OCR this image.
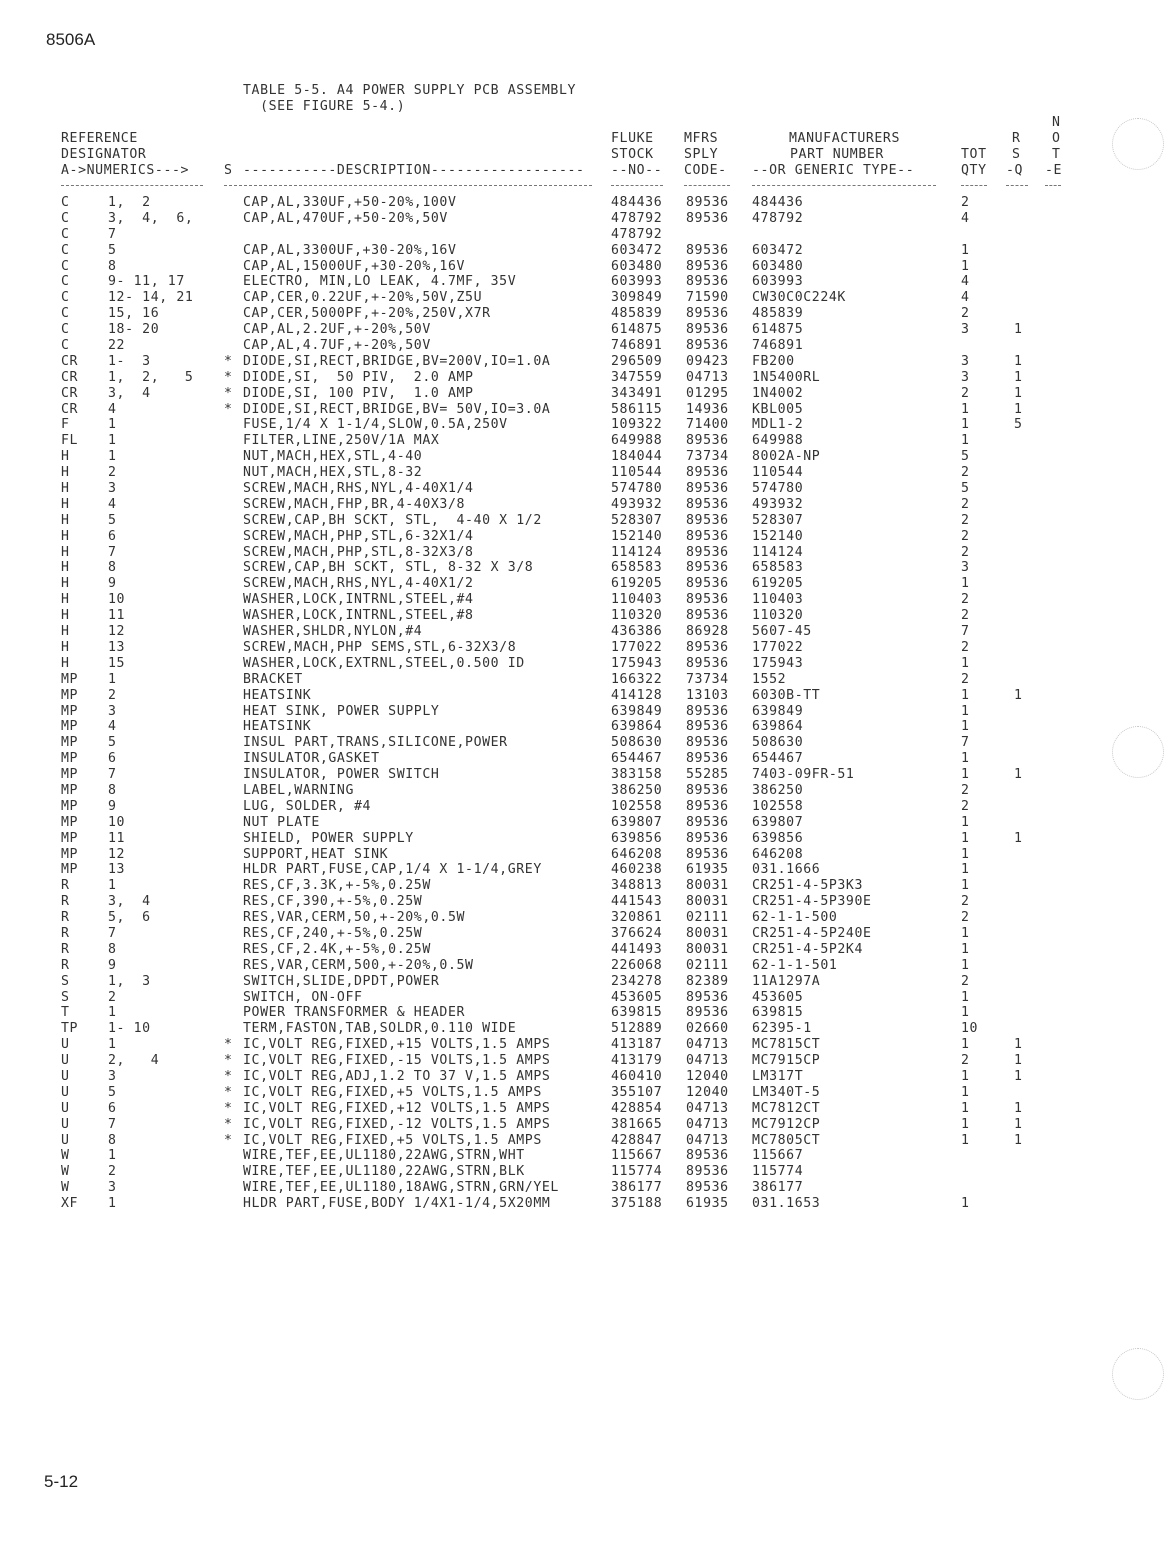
8506A
TABLE 5-5. A4 POWER SUPPLY PCB ASSEMBLY
(SEE FIGURE 5-4.)
REFERENCE
DESIGNATOR
A->NUMERICS--->	S -----------DESCRIPTION------------------
FLUKE
STOCK
--NO--
MFRS
SPLY
CODE-
MANUFACTURERS
PART NUMBER
--OR GENERIC TYPE--
TOT
QTY
R
S
-Q
N
O
T
-E
C	1,  2	CAP,AL,330UF,+50-20%,100V	484436 89536 484436	2
C	3,  4,  6,	CAP,AL,470UF,+50-20%,50V	478792 89536 478792	4
C	7	478792
C	5	CAP,AL,3300UF,+30-20%,16V	603472 89536 603472	1
C	8	CAP,AL,15000UF,+30-20%,16V	603480 89536 603480	1
C	9- 11, 17	ELECTRO, MIN,LO LEAK, 4.7MF, 35V	603993 89536 603993	4
C	12- 14, 21	CAP,CER,0.22UF,+-20%,50V,Z5U	309849 71590 CW30C0C224K	4
C	15, 16	CAP,CER,5000PF,+-20%,250V,X7R	485839 89536 485839	2
C	18- 20	CAP,AL,2.2UF,+-20%,50V	614875 89536 614875	3	1
C	22	CAP,AL,4.7UF,+-20%,50V	746891 89536 746891
CR 1-  3	* DIODE,SI,RECT,BRIDGE,BV=200V,IO=1.0A	296509 09423 FB200	3	1
CR 1,  2,   5 * DIODE,SI,  50 PIV,  2.0 AMP	347559 04713 1N5400RL	3	1
CR 3,  4	* DIODE,SI, 100 PIV,  1.0 AMP	343491 01295 1N4002	2	1
CR 4	* DIODE,SI,RECT,BRIDGE,BV= 50V,IO=3.0A	586115 14936 KBL005	1	1
F	1	FUSE,1/4 X 1-1/4,SLOW,0.5A,250V	109322 71400 MDL1-2	1	5
FL 1	FILTER,LINE,250V/1A MAX	649988 89536 649988	1
H	1	NUT,MACH,HEX,STL,4-40	184044 73734 8002A-NP	5
H	2	NUT,MACH,HEX,STL,8-32	110544 89536 110544	2
H	3	SCREW,MACH,RHS,NYL,4-40X1/4	574780 89536 574780	5
H	4	SCREW,MACH,FHP,BR,4-40X3/8	493932 89536 493932	2
H	5	SCREW,CAP,BH SCKT, STL,  4-40 X 1/2	528307 89536 528307	2
H	6	SCREW,MACH,PHP,STL,6-32X1/4	152140 89536 152140	2
H	7	SCREW,MACH,PHP,STL,8-32X3/8	114124 89536 114124	2
H	8	SCREW,CAP,BH SCKT, STL, 8-32 X 3/8	658583 89536 658583	3
H	9	SCREW,MACH,RHS,NYL,4-40X1/2	619205 89536 619205	1
H	10	WASHER,LOCK,INTRNL,STEEL,#4	110403 89536 110403	2
H	11	WASHER,LOCK,INTRNL,STEEL,#8	110320 89536 110320	2
H	12	WASHER,SHLDR,NYLON,#4	436386 86928 5607-45	7
H	13	SCREW,MACH,PHP SEMS,STL,6-32X3/8	177022 89536 177022	2
H	15	WASHER,LOCK,EXTRNL,STEEL,0.500 ID	175943 89536 175943	1
MP 1	BRACKET	166322 73734 1552	2
MP 2	HEATSINK	414128 13103 6030B-TT	1	1
MP 3	HEAT SINK, POWER SUPPLY	639849 89536 639849	1
MP 4	HEATSINK	639864 89536 639864	1
MP 5	INSUL PART,TRANS,SILICONE,POWER	508630 89536 508630	7
MP 6	INSULATOR,GASKET	654467 89536 654467	1
MP 7	INSULATOR, POWER SWITCH	383158 55285 7403-09FR-51	1	1
MP 8	LABEL,WARNING	386250 89536 386250	2
MP 9	LUG, SOLDER, #4	102558 89536 102558	2
MP 10	NUT PLATE	639807 89536 639807	1
MP 11	SHIELD, POWER SUPPLY	639856 89536 639856	1	1
MP 12	SUPPORT,HEAT SINK	646208 89536 646208	1
MP 13	HLDR PART,FUSE,CAP,1/4 X 1-1/4,GREY	460238 61935 031.1666	1
R	1	RES,CF,3.3K,+-5%,0.25W	348813 80031 CR251-4-5P3K3	1
R	3,  4	RES,CF,390,+-5%,0.25W	441543 80031 CR251-4-5P390E	2
R	5,  6	RES,VAR,CERM,50,+-20%,0.5W	320861 02111 62-1-1-500	2
R	7	RES,CF,240,+-5%,0.25W	376624 80031 CR251-4-5P240E	1
R	8	RES,CF,2.4K,+-5%,0.25W	441493 80031 CR251-4-5P2K4	1
R	9	RES,VAR,CERM,500,+-20%,0.5W	226068 02111 62-1-1-501	1
S	1,  3	SWITCH,SLIDE,DPDT,POWER	234278 82389 11A1297A	2
S	2	SWITCH, ON-OFF	453605 89536 453605	1
T	1	POWER TRANSFORMER & HEADER	639815 89536 639815	1
TP 1- 10	TERM,FASTON,TAB,SOLDR,0.110 WIDE	512889 02660 62395-1	10
U	1	* IC,VOLT REG,FIXED,+15 VOLTS,1.5 AMPS	413187 04713 MC7815CT	1	1
U	2,   4	* IC,VOLT REG,FIXED,-15 VOLTS,1.5 AMPS	413179 04713 MC7915CP	2	1
U	3	* IC,VOLT REG,ADJ,1.2 TO 37 V,1.5 AMPS	460410 12040 LM317T	1	1
U	5	* IC,VOLT REG,FIXED,+5 VOLTS,1.5 AMPS	355107 12040 LM340T-5	1
U	6	* IC,VOLT REG,FIXED,+12 VOLTS,1.5 AMPS	428854 04713 MC7812CT	1	1
U	7	* IC,VOLT REG,FIXED,-12 VOLTS,1.5 AMPS	381665 04713 MC7912CP	1	1
U	8	* IC,VOLT REG,FIXED,+5 VOLTS,1.5 AMPS	428847 04713 MC7805CT	1	1
W	1	WIRE,TEF,EE,UL1180,22AWG,STRN,WHT	115667 89536 115667
W	2	WIRE,TEF,EE,UL1180,22AWG,STRN,BLK	115774 89536 115774
W	3	WIRE,TEF,EE,UL1180,18AWG,STRN,GRN/YEL	386177 89536 386177
XF 1	HLDR PART,FUSE,BODY 1/4X1-1/4,5X20MM	375188 61935 031.1653	1
5-12
